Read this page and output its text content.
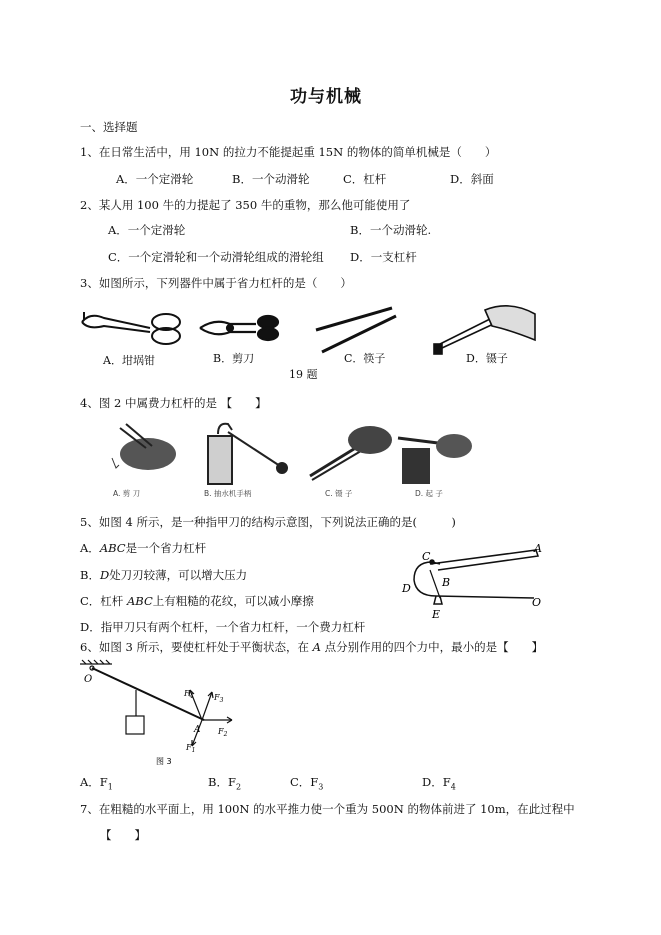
功与机械
一、选择题
1、在日常生活中，用 10N 的拉力不能提起重 15N 的物体的简单机械是（　　）
A．一个定滑轮	B．一个动滑轮	C．杠杆	D．斜面
2、某人用 100 牛的力提起了 350 牛的重物，那么他可能使用了
A．一个定滑轮	B．一个动滑轮.
C．一个定滑轮和一个动滑轮组成的滑轮组 D．一支杠杆
3、如图所示，下列器件中属于省力杠杆的是（　　）
A．坩埚钳	B．剪刀	C．筷子	D．镊子
19 题
4、图 2 中属费力杠杆的是 【　　】
A. 剪 刀	B. 抽水机手柄	C. 镊 子	D. 起 子
5、如图 4 所示，是一种指甲刀的结构示意图，下列说法正确的是(　　　)
A．ABC是一个省力杠杆
B．D处刀刃较薄，可以增大压力
C．杠杆 ABC上有粗糙的花纹，可以减小摩擦
D．指甲刀只有两个杠杆，一个省力杠杆，一个费力杠杆
C
A
B
D
E
O
6、如图 3 所示，要使杠杆处于平衡状态，在 A 点分别作用的四个力中，最小的是【　　】
O
A
$F_4$	$F_3$
$F_2$
$F_1$
图 3
A．$F_1$	B．$F_2$	C．$F_3$	D．$F_4$
7、在粗糙的水平面上，用 100N 的水平推力使一个重为 500N 的物体前进了 10m，在此过程中
【　　】
